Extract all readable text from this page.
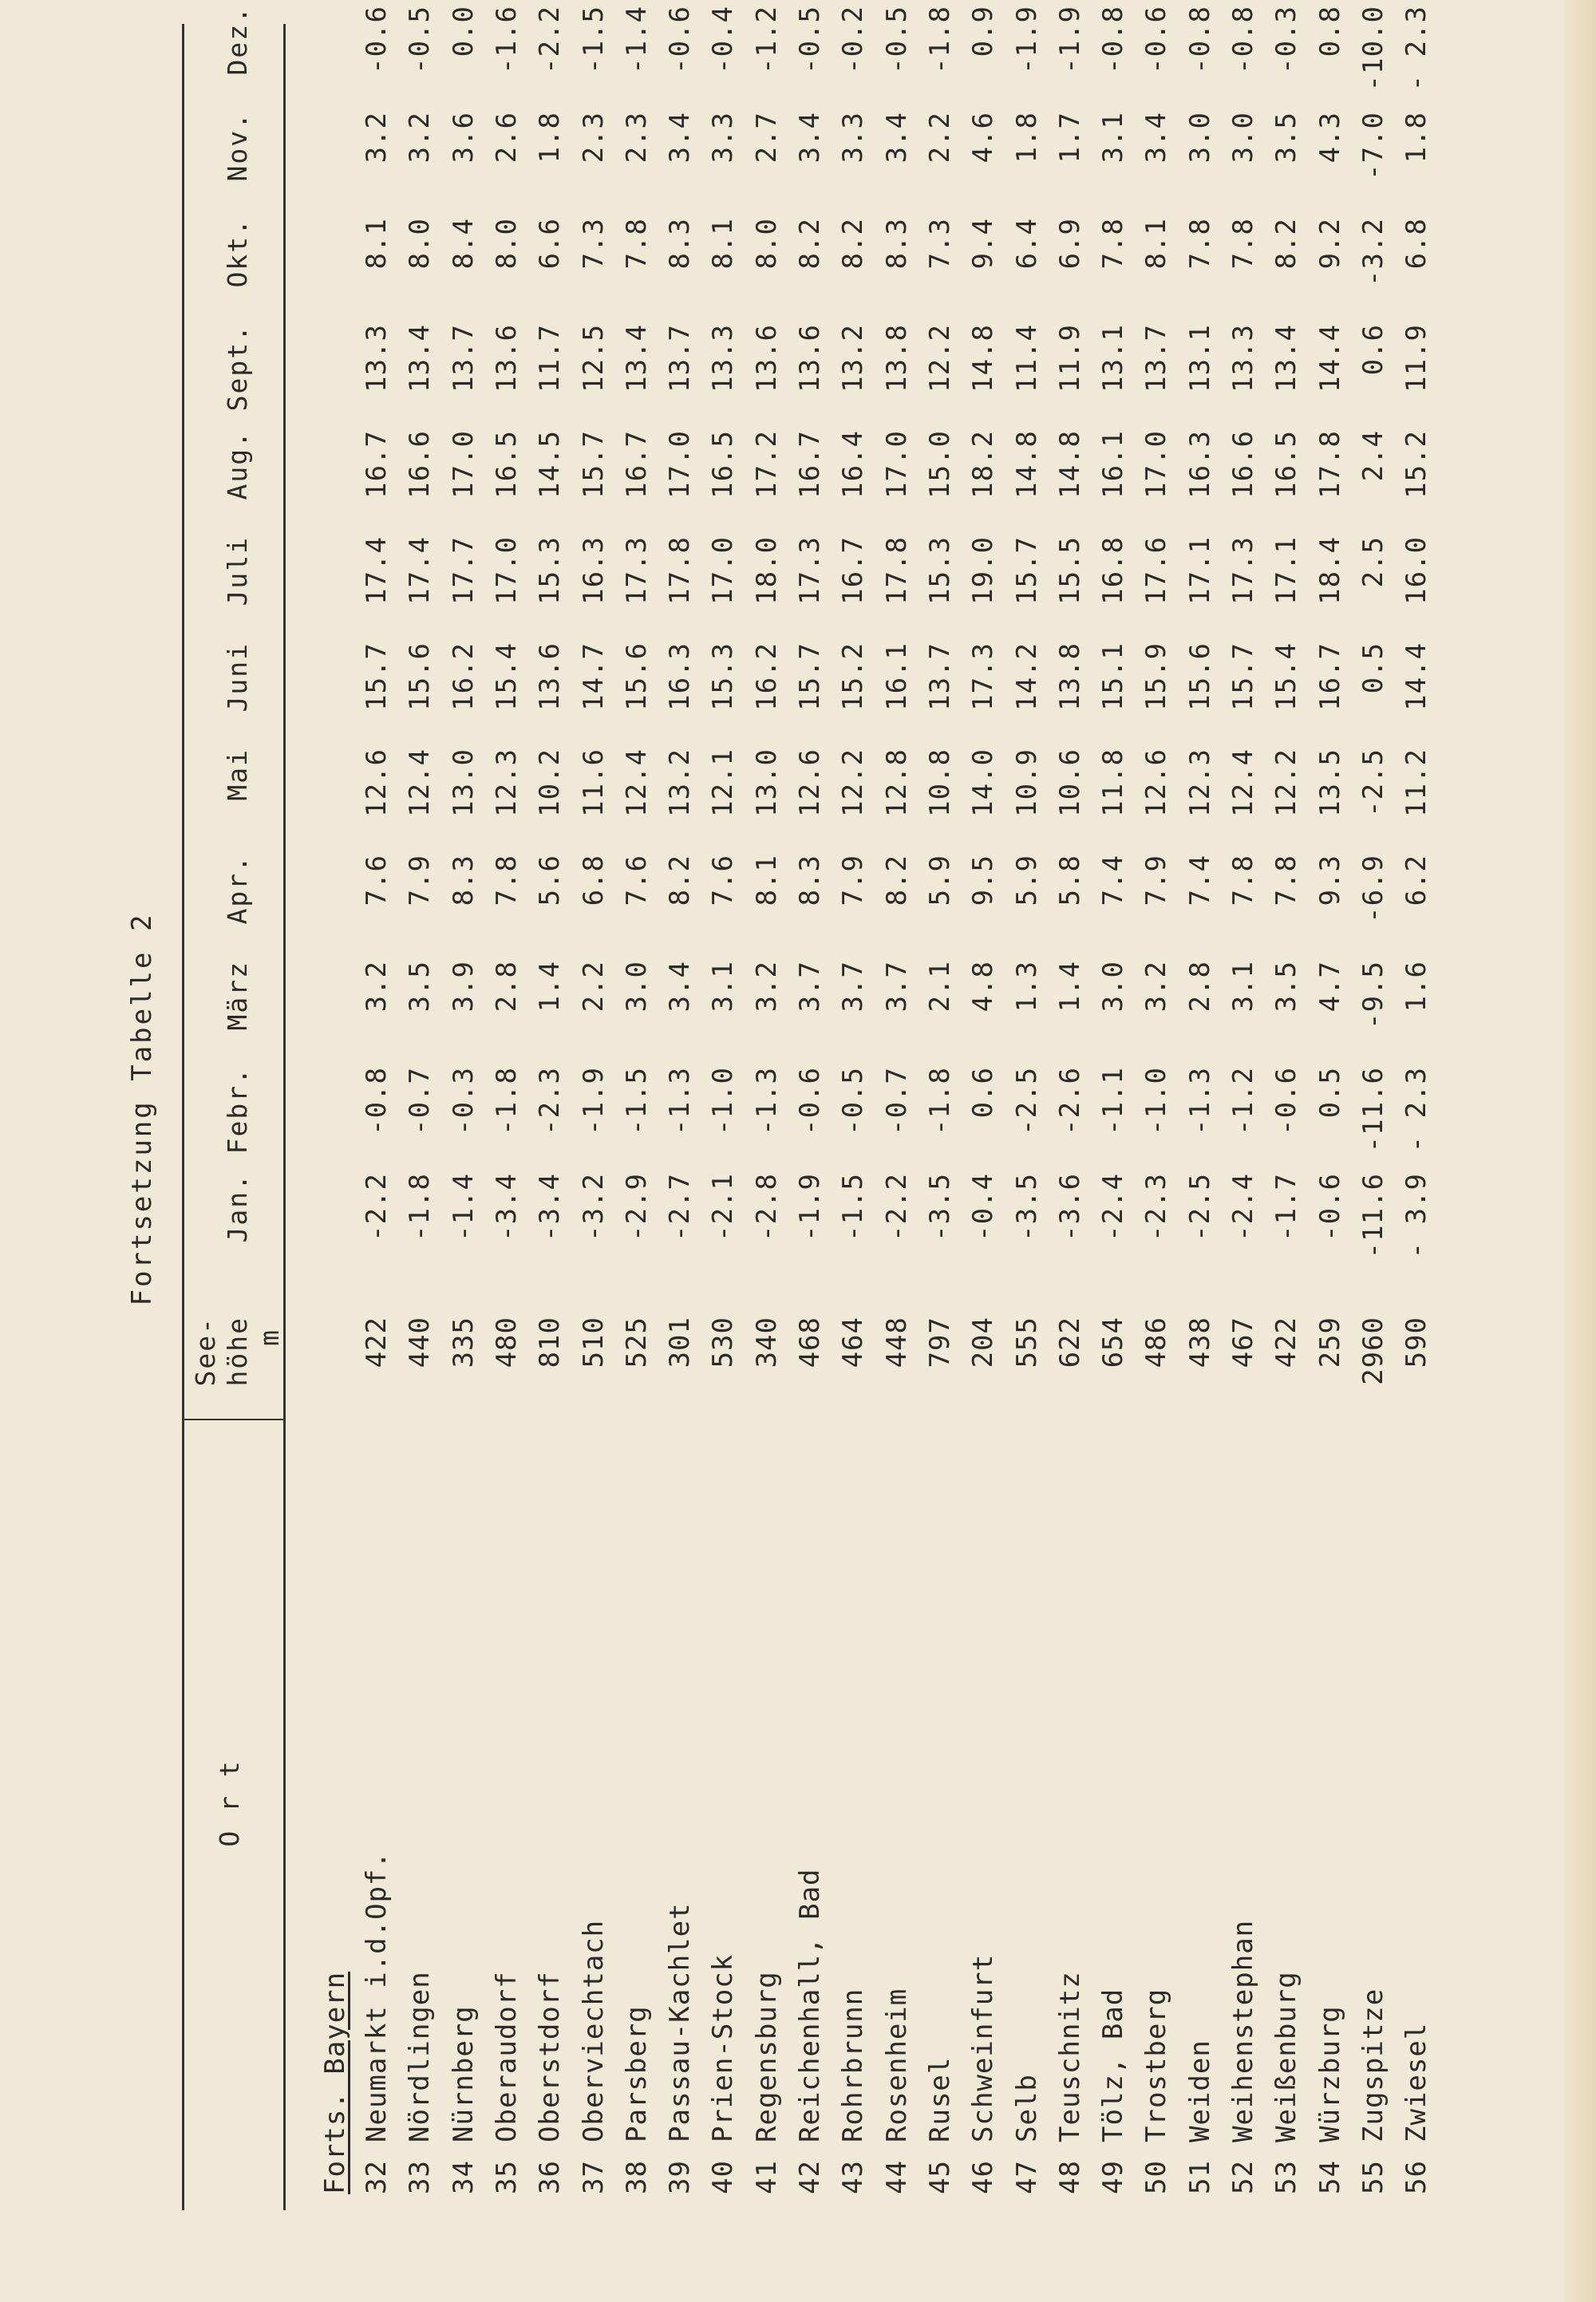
Fortsetzung Tabelle 2
O r t
See- höhe m
Jan.
Febr.
März
Apr.
Mai
Juni
Juli
Aug.
Sept.
Okt.
Nov.
Dez.
Forts. Bayern 32
Neumarkt i.d.Opf.
422
-2.2
-0.8
3.2
7.6
12.6
15.7
17.4
16.7
13.3
8.1
3.2
-0.6
33
Nördlingen
440
-1.8
-0.7
3.5
7.9
12.4
15.6
17.4
16.6
13.4
8.0
3.2
-0.5
34
Nürnberg
335
-1.4
-0.3
3.9
8.3
13.0
16.2
17.7
17.0
13.7
8.4
3.6
0.0
35
Oberaudorf
480
-3.4
-1.8
2.8
7.8
12.3
15.4
17.0
16.5
13.6
8.0
2.6
-1.6
36
Oberstdorf
810
-3.4
-2.3
1.4
5.6
10.2
13.6
15.3
14.5
11.7
6.6
1.8
-2.2
37
Oberviechtach
510
-3.2
-1.9
2.2
6.8
11.6
14.7
16.3
15.7
12.5
7.3
2.3
-1.5
38
Parsberg
525
-2.9
-1.5
3.0
7.6
12.4
15.6
17.3
16.7
13.4
7.8
2.3
-1.4
39
Passau-Kachlet
301
-2.7
-1.3
3.4
8.2
13.2
16.3
17.8
17.0
13.7
8.3
3.4
-0.6
40
Prien-Stock
530
-2.1
-1.0
3.1
7.6
12.1
15.3
17.0
16.5
13.3
8.1
3.3
-0.4
41
Regensburg
340
-2.8
-1.3
3.2
8.1
13.0
16.2
18.0
17.2
13.6
8.0
2.7
-1.2
42
Reichenhall, Bad
468
-1.9
-0.6
3.7
8.3
12.6
15.7
17.3
16.7
13.6
8.2
3.4
-0.5
43
Rohrbrunn
464
-1.5
-0.5
3.7
7.9
12.2
15.2
16.7
16.4
13.2
8.2
3.3
-0.2
44
Rosenheim
448
-2.2
-0.7
3.7
8.2
12.8
16.1
17.8
17.0
13.8
8.3
3.4
-0.5
45
Rusel
797
-3.5
-1.8
2.1
5.9
10.8
13.7
15.3
15.0
12.2
7.3
2.2
-1.8
46
Schweinfurt
204
-0.4
0.6
4.8
9.5
14.0
17.3
19.0
18.2
14.8
9.4
4.6
0.9
47
Selb
555
-3.5
-2.5
1.3
5.9
10.9
14.2
15.7
14.8
11.4
6.4
1.8
-1.9
48
Teuschnitz
622
-3.6
-2.6
1.4
5.8
10.6
13.8
15.5
14.8
11.9
6.9
1.7
-1.9
49
Tölz, Bad
654
-2.4
-1.1
3.0
7.4
11.8
15.1
16.8
16.1
13.1
7.8
3.1
-0.8
50
Trostberg
486
-2.3
-1.0
3.2
7.9
12.6
15.9
17.6
17.0
13.7
8.1
3.4
-0.6
51
Weiden
438
-2.5
-1.3
2.8
7.4
12.3
15.6
17.1
16.3
13.1
7.8
3.0
-0.8
52
Weihenstephan
467
-2.4
-1.2
3.1
7.8
12.4
15.7
17.3
16.6
13.3
7.8
3.0
-0.8
53
Weißenburg
422
-1.7
-0.6
3.5
7.8
12.2
15.4
17.1
16.5
13.4
8.2
3.5
-0.3
54
Würzburg
259
-0.6
0.5
4.7
9.3
13.5
16.7
18.4
17.8
14.4
9.2
4.3
0.8
55
Zugspitze
2960
-11.6
-11.6
-9.5
-6.9
-2.5
0.5
2.5
2.4
0.6
-3.2
-7.0
-10.0
56
Zwiesel
590
- 3.9
- 2.3
1.6
6.2
11.2
14.4
16.0
15.2
11.9
6.8
1.8
- 2.3
